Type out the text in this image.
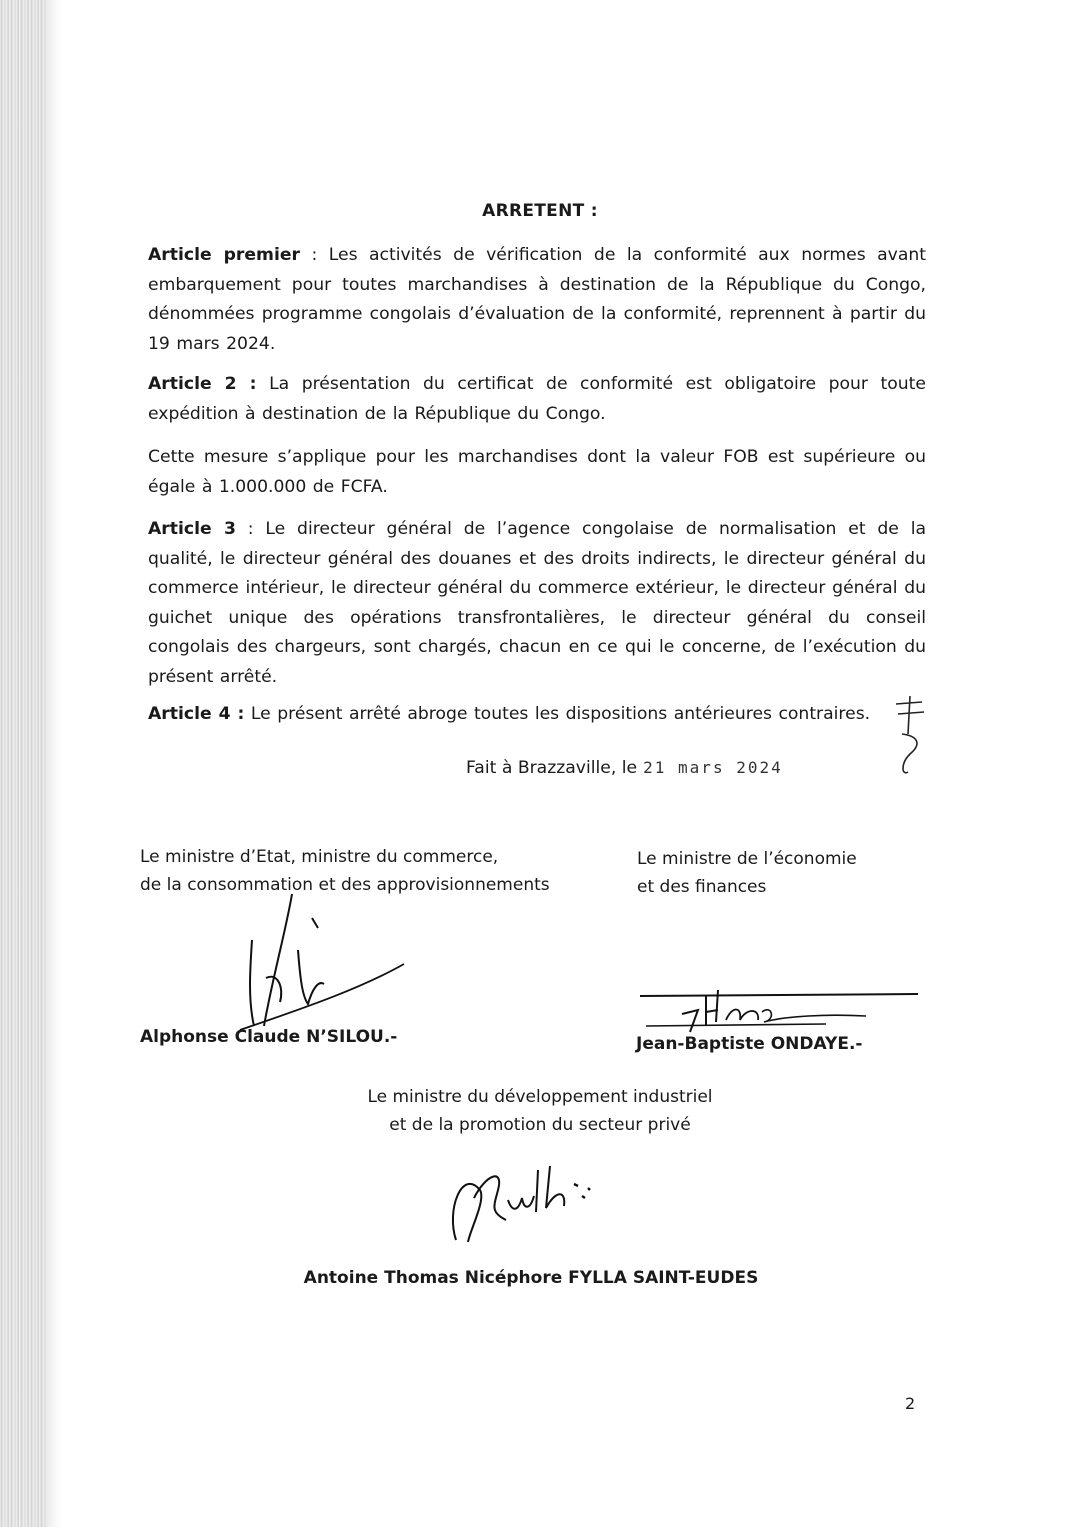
ARRETENT :
Article premier : Les activités de vérification de la conformité aux normes avant embarquement pour toutes marchandises à destination de la République du Congo, dénommées programme congolais d’évaluation de la conformité, reprennent à partir du 19 mars 2024.
Article 2 : La présentation du certificat de conformité est obligatoire pour toute expédition à destination de la République du Congo.
Cette mesure s’applique pour les marchandises dont la valeur FOB est supérieure ou égale à 1.000.000 de FCFA.
Article 3 : Le directeur général de l’agence congolaise de normalisation et de la qualité, le directeur général des douanes et des droits indirects, le directeur général du commerce intérieur, le directeur général du commerce extérieur, le directeur général du guichet unique des opérations transfrontalières, le directeur général du conseil congolais des chargeurs, sont chargés, chacun en ce qui le concerne, de l’exécution du présent arrêté.
Article 4 : Le présent arrêté abroge toutes les dispositions antérieures contraires.
Fait à Brazzaville, le 21 mars 2024
Le ministre d’Etat, ministre du commerce,
de la consommation et des approvisionnements
Alphonse Claude N’SILOU.-
Le ministre de l’économie
et des finances
Jean-Baptiste ONDAYE.-
Le ministre du développement industriel
et de la promotion du secteur privé
Antoine Thomas Nicéphore FYLLA SAINT-EUDES
2
